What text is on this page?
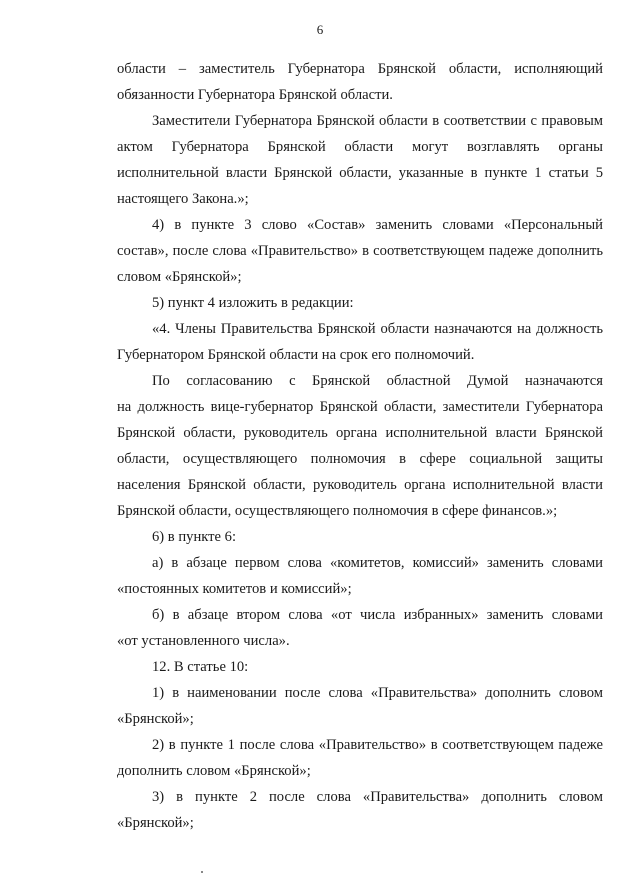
6
области – заместитель Губернатора Брянской области, исполняющий
обязанности Губернатора Брянской области.
Заместители Губернатора Брянской области в соответствии с правовым
актом Губернатора Брянской области могут возглавлять органы
исполнительной власти Брянской области, указанные в пункте 1 статьи 5
настоящего Закона.»;
4) в пункте 3 слово «Состав» заменить словами «Персональный
состав», после слова «Правительство» в соответствующем падеже дополнить
словом «Брянской»;
5) пункт 4 изложить в редакции:
«4. Члены Правительства Брянской области назначаются на должность
Губернатором Брянской области на срок его полномочий.
По согласованию с Брянской областной Думой назначаются
на должность вице-губернатор Брянской области, заместители Губернатора
Брянской области, руководитель органа исполнительной власти Брянской
области, осуществляющего полномочия в сфере социальной защиты
населения Брянской области, руководитель органа исполнительной власти
Брянской области, осуществляющего полномочия в сфере финансов.»;
6) в пункте 6:
а) в абзаце первом слова «комитетов, комиссий» заменить словами
«постоянных комитетов и комиссий»;
б) в абзаце втором слова «от числа избранных» заменить словами
«от установленного числа».
12. В статье 10:
1) в наименовании после слова «Правительства» дополнить словом
«Брянской»;
2) в пункте 1 после слова «Правительство» в соответствующем падеже
дополнить словом «Брянской»;
3) в пункте 2 после слова «Правительства» дополнить словом
«Брянской»;
